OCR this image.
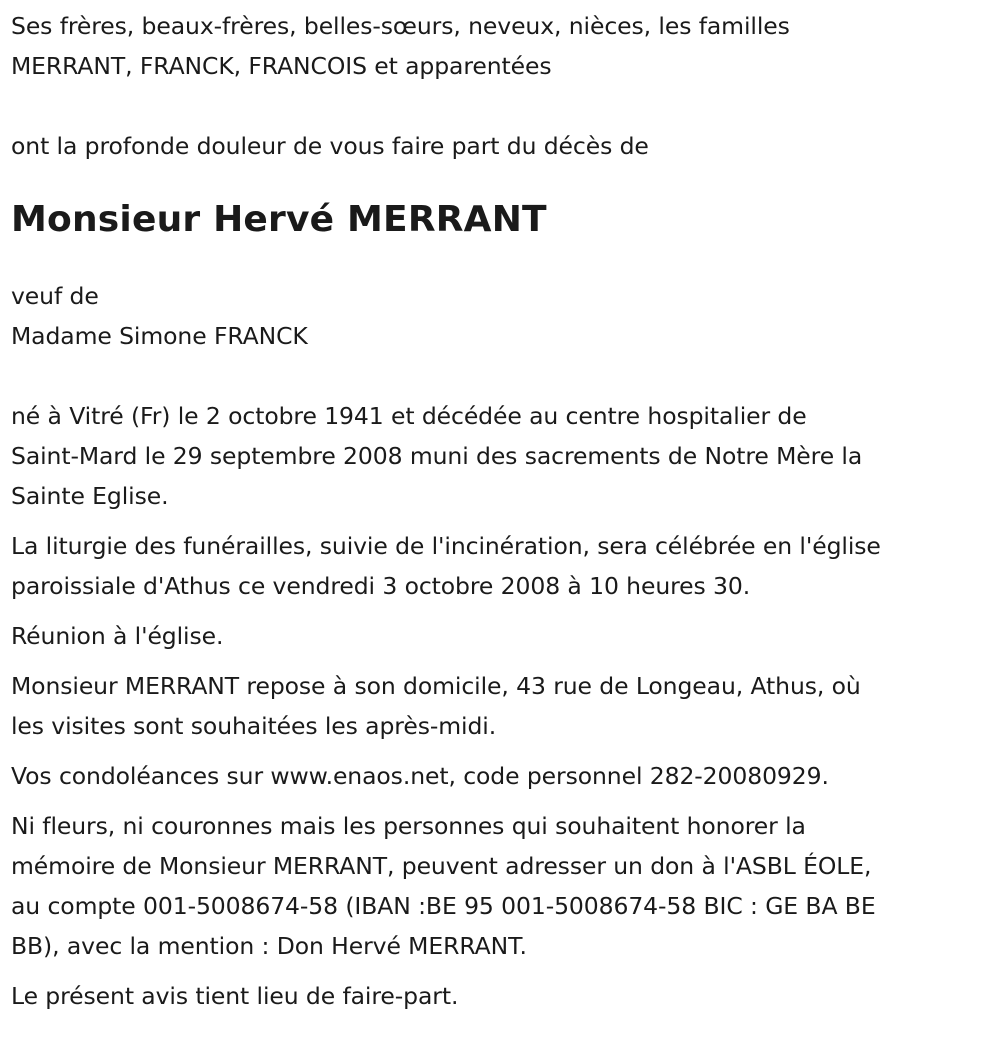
Ses frères, beaux-frères, belles-sœurs, neveux, nièces, les familles
MERRANT, FRANCK, FRANCOIS et apparentées
ont la profonde douleur de vous faire part du décès de
Monsieur Hervé MERRANT
veuf de
Madame Simone FRANCK
né à Vitré (Fr) le 2 octobre 1941 et décédée au centre hospitalier de
Saint-Mard le 29 septembre 2008 muni des sacrements de Notre Mère la
Sainte Eglise.
La liturgie des funérailles, suivie de l'incinération, sera célébrée en l'église
paroissiale d'Athus ce vendredi 3 octobre 2008 à 10 heures 30.
Réunion à l'église.
Monsieur MERRANT repose à son domicile, 43 rue de Longeau, Athus, où
les visites sont souhaitées les après-midi.
Vos condoléances sur www.enaos.net, code personnel 282-20080929.
Ni fleurs, ni couronnes mais les personnes qui souhaitent honorer la
mémoire de Monsieur MERRANT, peuvent adresser un don à l'ASBL ÉOLE,
au compte 001-5008674-58 (IBAN :BE 95 001-5008674-58 BIC : GE BA BE
BB), avec la mention : Don Hervé MERRANT.
Le présent avis tient lieu de faire-part.
